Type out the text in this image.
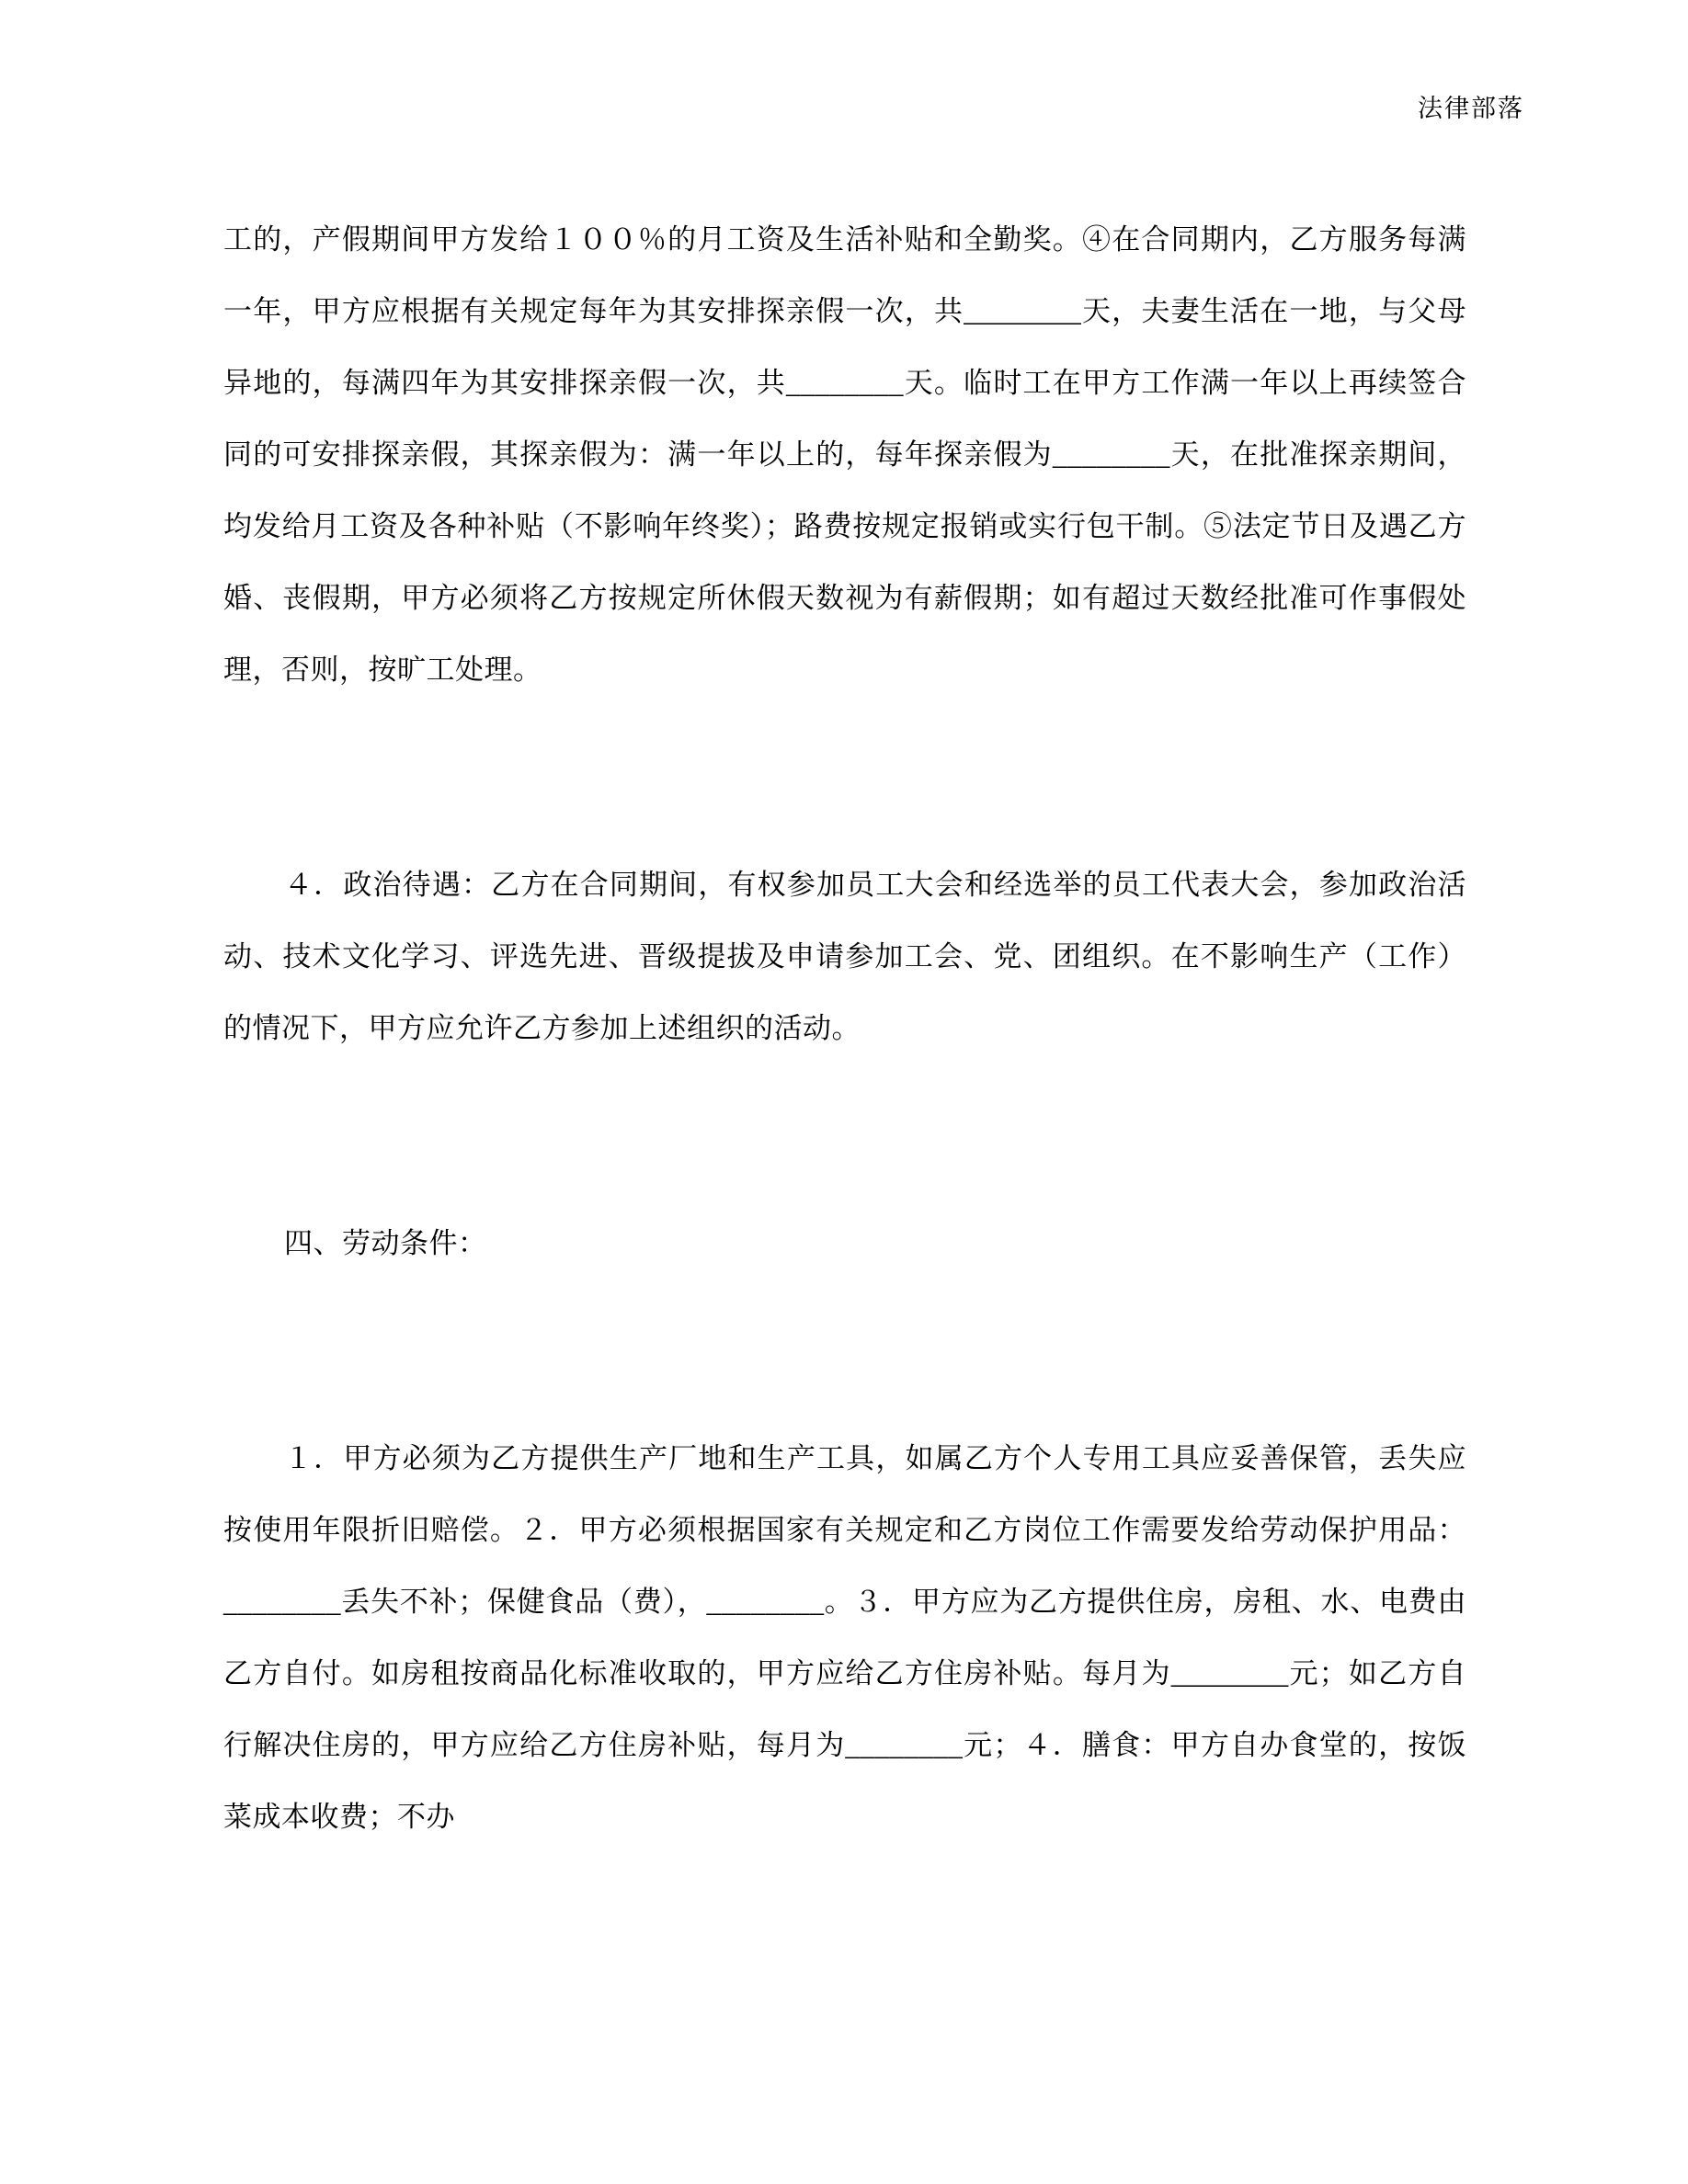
法律部落

工的，产假期间甲方发给１００％的月工资及生活补贴和全勤奖。④在合同期内，乙方服务每满一年，甲方应根据有关规定每年为其安排探亲假一次，共________天，夫妻生活在一地，与父母异地的，每满四年为其安排探亲假一次，共________天。临时工在甲方工作满一年以上再续签合同的可安排探亲假，其探亲假为：满一年以上的，每年探亲假为________天，在批准探亲期间，均发给月工资及各种补贴（不影响年终奖）；路费按规定报销或实行包干制。⑤法定节日及遇乙方婚、丧假期，甲方必须将乙方按规定所休假天数视为有薪假期；如有超过天数经批准可作事假处理，否则，按旷工处理。

４．政治待遇：乙方在合同期间，有权参加员工大会和经选举的员工代表大会，参加政治活动、技术文化学习、评选先进、晋级提拔及申请参加工会、党、团组织。在不影响生产（工作）的情况下，甲方应允许乙方参加上述组织的活动。

四、劳动条件：

１．甲方必须为乙方提供生产厂地和生产工具，如属乙方个人专用工具应妥善保管，丢失应按使用年限折旧赔偿。２．甲方必须根据国家有关规定和乙方岗位工作需要发给劳动保护用品：________丢失不补；保健食品（费），________。３．甲方应为乙方提供住房，房租、水、电费由乙方自付。如房租按商品化标准收取的，甲方应给乙方住房补贴。每月为________元；如乙方自行解决住房的，甲方应给乙方住房补贴，每月为________元；４．膳食：甲方自办食堂的，按饭菜成本收费；不办
